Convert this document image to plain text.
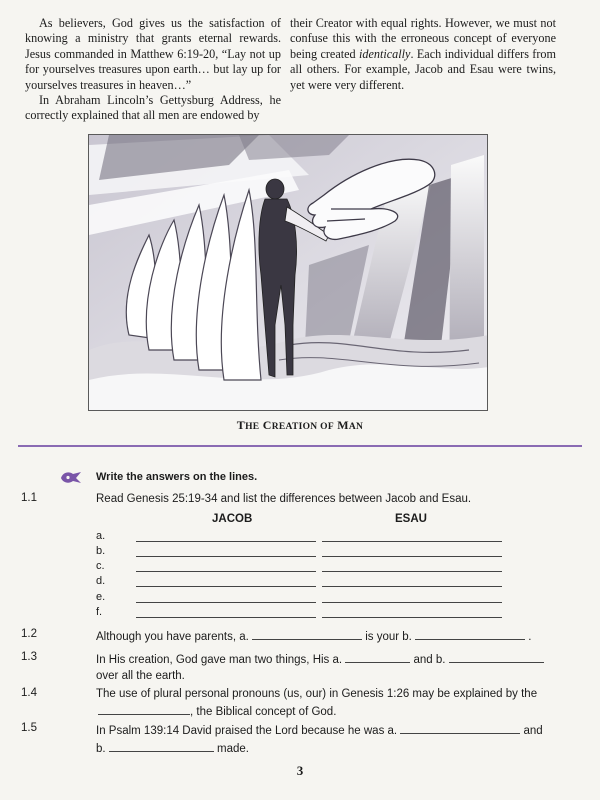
As believers, God gives us the satisfaction of knowing a ministry that grants eternal rewards. Jesus commanded in Matthew 6:19-20, “Lay not up for yourselves treasures upon earth… but lay up for yourselves treasures in heaven…”

In Abraham Lincoln’s Gettysburg Address, he correctly explained that all men are endowed by

their Creator with equal rights. However, we must not confuse this with the erroneous concept of everyone being created identically. Each individual differs from all others. For example, Jacob and Esau were twins, yet were very different.

THE CREATION OF MAN
Write the answers on the lines.
1.1	Read Genesis 25:19-34 and list the differences between Jacob and Esau.
JACOB	ESAU
a.
b.
c.
d.
e.
f.
1.2	Although you have parents, a.	is your b.	.
1.3	In His creation, God gave man two things, His a.	and b.
over all the earth.
1.4	The use of plural personal pronouns (us, our) in Genesis 1:26 may be explained by the
, the Biblical concept of God.
1.5	In Psalm 139:14 David praised the Lord because he was a.	and
b.	made.
3
